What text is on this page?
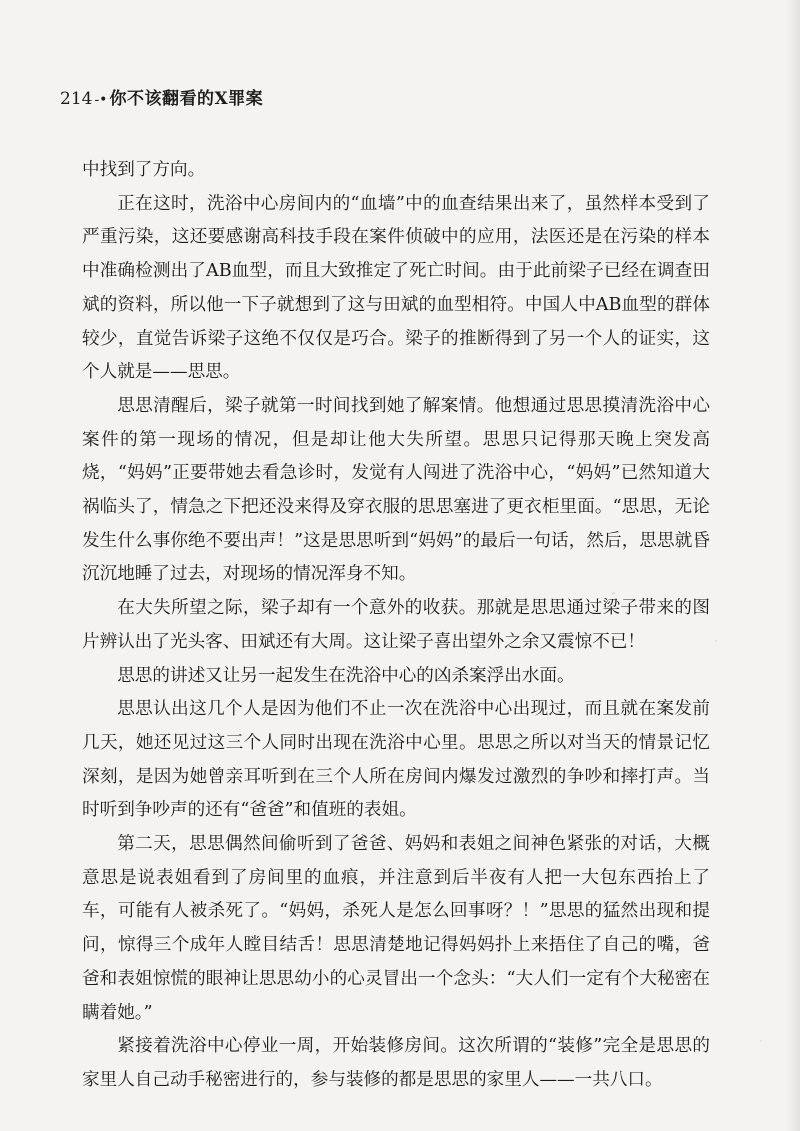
214 -• 你不该翻看的X罪案

中找到了方向。

正在这时，洗浴中心房间内的“血墙”中的血查结果出来了，虽然样本受到了严重污染，这还要感谢高科技手段在案件侦破中的应用，法医还是在污染的样本中准确检测出了AB血型，而且大致推定了死亡时间。由于此前梁子已经在调查田斌的资料，所以他一下子就想到了这与田斌的血型相符。中国人中AB血型的群体较少，直觉告诉梁子这绝不仅仅是巧合。梁子的推断得到了另一个人的证实，这个人就是——思思。

思思清醒后，梁子就第一时间找到她了解案情。他想通过思思摸清洗浴中心案件的第一现场的情况，但是却让他大失所望。思思只记得那天晚上突发高烧，“妈妈”正要带她去看急诊时，发觉有人闯进了洗浴中心，“妈妈”已然知道大祸临头了，情急之下把还没来得及穿衣服的思思塞进了更衣柜里面。“思思，无论发生什么事你绝不要出声！”这是思思听到“妈妈”的最后一句话，然后，思思就昏沉沉地睡了过去，对现场的情况浑身不知。

在大失所望之际，梁子却有一个意外的收获。那就是思思通过梁子带来的图片辨认出了光头客、田斌还有大周。这让梁子喜出望外之余又震惊不已！

思思的讲述又让另一起发生在洗浴中心的凶杀案浮出水面。

思思认出这几个人是因为他们不止一次在洗浴中心出现过，而且就在案发前几天，她还见过这三个人同时出现在洗浴中心里。思思之所以对当天的情景记忆深刻，是因为她曾亲耳听到在三个人所在房间内爆发过激烈的争吵和摔打声。当时听到争吵声的还有“爸爸”和值班的表姐。

第二天，思思偶然间偷听到了爸爸、妈妈和表姐之间神色紧张的对话，大概意思是说表姐看到了房间里的血痕，并注意到后半夜有人把一大包东西抬上了车，可能有人被杀死了。“妈妈，杀死人是怎么回事呀？！”思思的猛然出现和提问，惊得三个成年人瞠目结舌！思思清楚地记得妈妈扑上来捂住了自己的嘴，爸爸和表姐惊慌的眼神让思思幼小的心灵冒出一个念头：“大人们一定有个大秘密在瞒着她。”

紧接着洗浴中心停业一周，开始装修房间。这次所谓的“装修”完全是思思的家里人自己动手秘密进行的，参与装修的都是思思的家里人——一共八口。
